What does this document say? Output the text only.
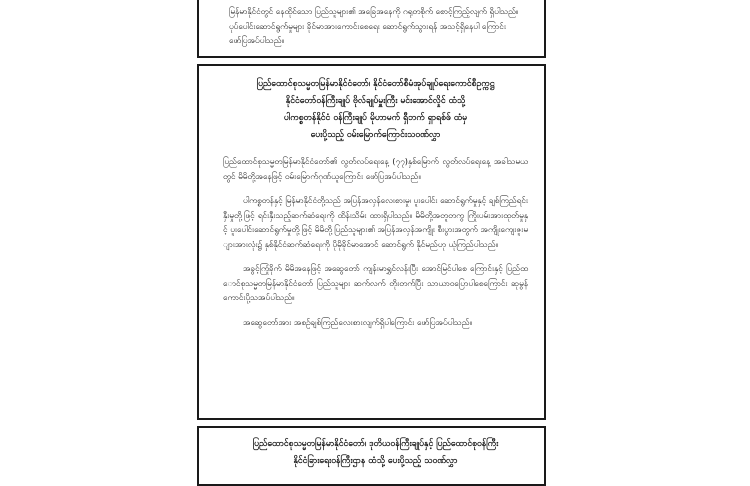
မြန်မာနိုင်ငံတွင် နေထိုင်သော ပြည်သူများ၏ အခြေအနေကို ဂရုတစိုက် စောင့်ကြည့်လျက် ရှိပါသည်။
ပုပ်ပေါင်းဆောင်ရွက်မှုများ ခိုင်မာအားကောင်းစေရေး ဆောင်ရွက်သွားရန် အသင့်ရှိနေပါ ကြောင်း
ဖော်ပြအပ်ပါသည်။
ပြည်ထောင်စုသမ္မတမြန်မာနိုင်ငံတော်၊ နိုင်ငံတော်စီမံအုပ်ချုပ်ရေးကောင်စီဥက္ကဋ္ဌ
နိုင်ငံတော်ဝန်ကြီးချုပ် ဗိုလ်ချုပ်မှူးကြီး မင်းအောင်လှိုင် ထံသို့
ပါကစ္စတန်နိုင်ငံ ဝန်ကြီးချုပ် မိုဟာမက် ရှီဘက် ရှာရစ်ဖ် ထံမှ
ပေးပို့သည့် ဝမ်းမြောက်ကြောင်းသဝဏ်လွှာ

ပြည်ထောင်စုသမ္မတမြန်မာနိုင်ငံတော်၏ လွတ်လပ်ရေးနေ့ (၇၇)နှစ်မြောက် လွတ်လပ်ရေးနေ့ အခါသမယတွင် မိမိတို့အနေဖြင့် ဝမ်းမြောက်ဂုဏ်ယူကြောင်း ဖော်ပြအပ်ပါသည်။

ပါကစ္စတန်နှင့် မြန်မာနိုင်ငံတို့သည် အပြန်အလှန်လေးစားမှု၊ ပူးပေါင်း ဆောင်ရွက်မှုနှင့် ချစ်ကြည်ရင်းနှီးမှုတို့ဖြင့် ရင်းနှီးသည့်ဆက်ဆံရေးကို ထိန်းသိမ်း ထားရှိပါသည်။ မိမိတို့အတူတကွ ကြိုးပမ်းအားထုတ်မှုနှင့် ပူးပေါင်းဆောင်ရွက်မှုတို့ဖြင့် မိမိတို့ပြည်သူများ၏ အပြန်အလှန်အကျိုး စီးပွားအတွက် အကျိုးကျေးဇူးများအားလုံး၌ နှစ်နိုင်ငံဆက်ဆံရေးကို ပိုမိုခိုင်မာအောင် ဆောင်ရွက် နိုင်မည်ဟု ယုံကြည်ပါသည်။

အခွင့်ကြုံခိုက် မိမိအနေဖြင့် အဆွေတော် ကျန်းမာရွှင်လန်းပြီး အောင်မြင်ပါစေ ကြောင်းနှင့် ပြည်ထောင်စုသမ္မတမြန်မာနိုင်ငံတော် ပြည်သူများ ဆက်လက် တိုးတက်ပြီး သာယာဝပြောပါစေကြောင်း ဆုမွန်ကောင်းပို့သအပ်ပါသည်။

အဆွေတော်အား အစဉ်ချစ်ကြည်လေးစားလျက်ရှိပါကြောင်း ဖော်ပြအပ်ပါသည်။

ပြည်ထောင်စုသမ္မတမြန်မာနိုင်ငံတော်၊ ဒုတိယဝန်ကြီးချုပ်နှင့် ပြည်ထောင်စုဝန်ကြီး
နိုင်ငံခြားရေးဝန်ကြီးဌာန ထံသို့ ပေးပို့သည့် သဝဏ်လွှာ
